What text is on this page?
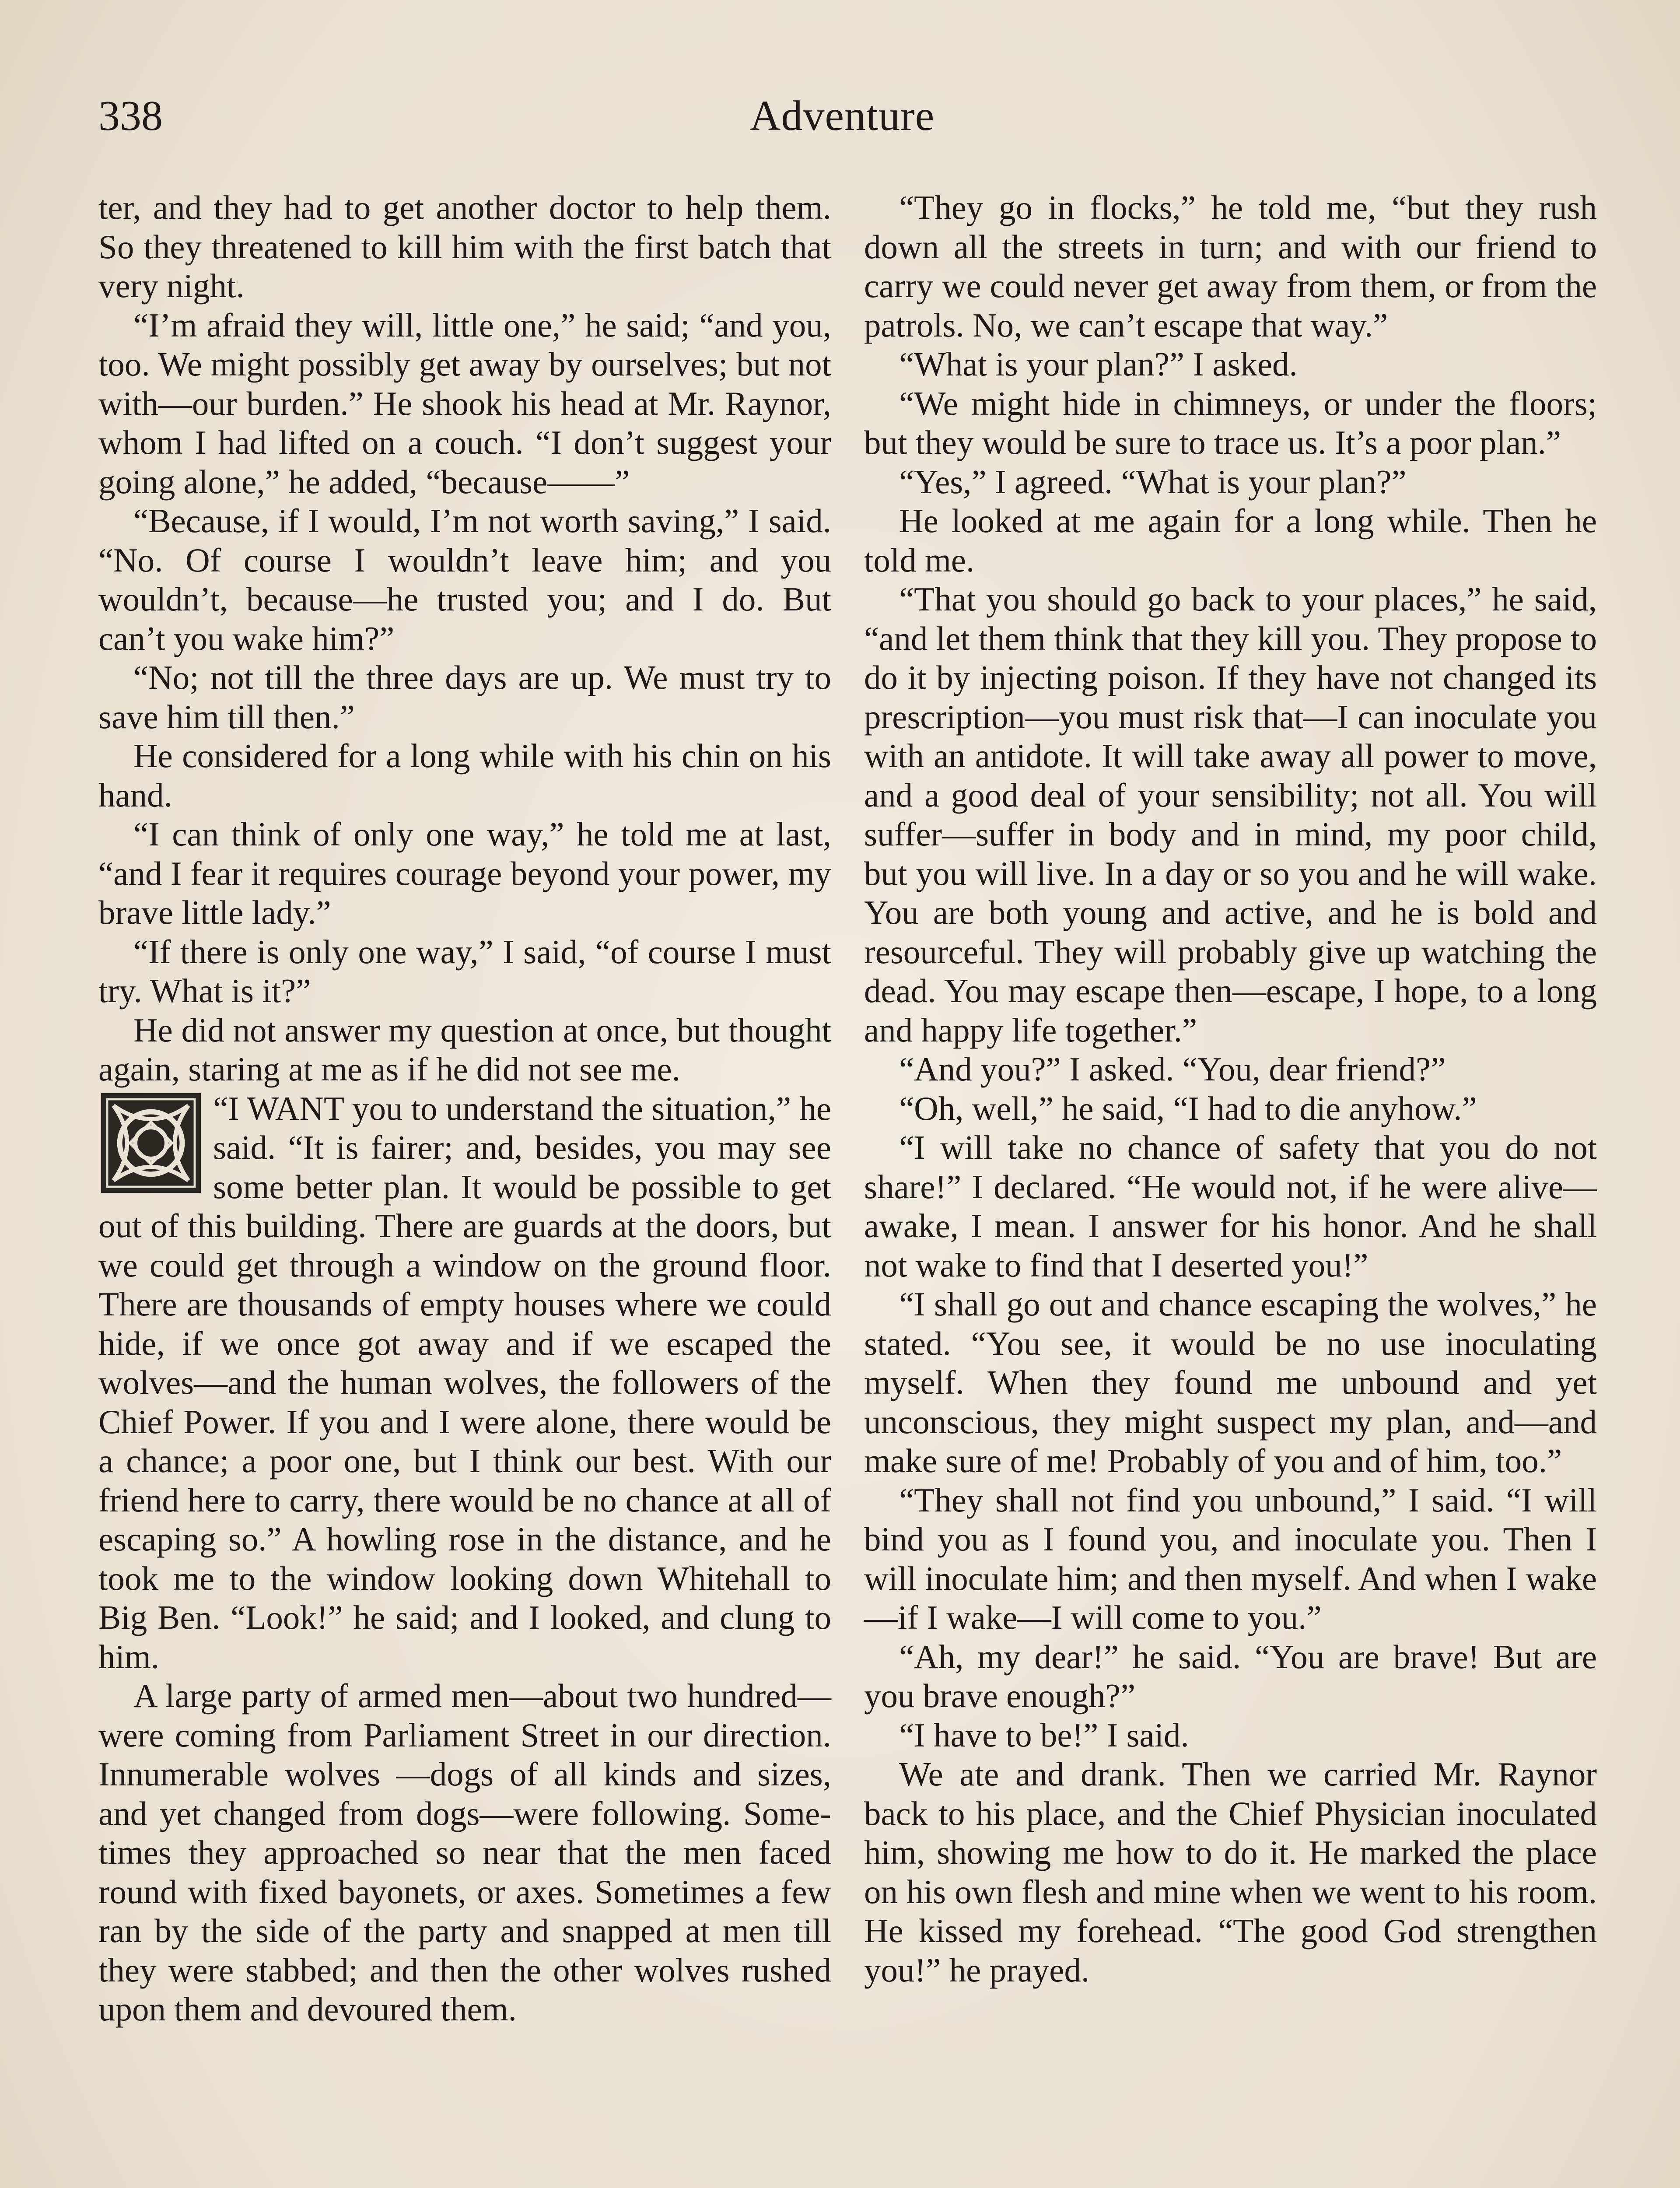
338	Adventure

ter, and they had to get another doctor to help them. So they threatened to kill him with the first batch that very night.

“I’m afraid they will, little one,” he said; “and you, too. We might possibly get away by ourselves; but not with—our burden.” He shook his head at Mr. Raynor, whom I had lifted on a couch. “I don’t suggest your going alone,” he added, “because——”

“Because, if I would, I’m not worth saving,” I said. “No. Of course I wouldn’t leave him; and you wouldn’t, because—he trusted you; and I do. But can’t you wake him?”

“No; not till the three days are up. We must try to save him till then.”

He considered for a long while with his chin on his hand.

“I can think of only one way,” he told me at last, “and I fear it requires courage beyond your power, my brave little lady.”

“If there is only one way,” I said, “of course I must try. What is it?”

He did not answer my question at once, but thought again, staring at me as if he did not see me.

“I WANT you to understand the situation,” he said. “It is fairer; and, besides, you may see some better plan. It would be possible to get out of this building. There are guards at the doors, but we could get through a window on the ground floor. There are thousands of empty houses where we could hide, if we once got away and if we escaped the wolves—and the human wolves, the followers of the Chief Power. If you and I were alone, there would be a chance; a poor one, but I think our best. With our friend here to carry, there would be no chance at all of escaping so.” A howling rose in the distance, and he took me to the window looking down Whitehall to Big Ben. “Look!” he said; and I looked, and clung to him.

A large party of armed men—about two hundred—were coming from Parliament Street in our direction. Innumerable wolves —dogs of all kinds and sizes, and yet changed from dogs—were following. Sometimes they approached so near that the men faced round with fixed bayonets, or axes. Sometimes a few ran by the side of the party and snapped at men till they were stabbed; and then the other wolves rushed upon them and devoured them.

“They go in flocks,” he told me, “but they rush down all the streets in turn; and with our friend to carry we could never get away from them, or from the patrols. No, we can’t escape that way.”

“What is your plan?” I asked.

“We might hide in chimneys, or under the floors; but they would be sure to trace us. It’s a poor plan.”

“Yes,” I agreed. “What is your plan?”

He looked at me again for a long while. Then he told me.

“That you should go back to your places,” he said, “and let them think that they kill you. They propose to do it by injecting poison. If they have not changed its prescription—you must risk that—I can inoculate you with an antidote. It will take away all power to move, and a good deal of your sensibility; not all. You will suffer—suffer in body and in mind, my poor child, but you will live. In a day or so you and he will wake. You are both young and active, and he is bold and resourceful. They will probably give up watching the dead. You may escape then—escape, I hope, to a long and happy life together.”

“And you?” I asked. “You, dear friend?”

“Oh, well,” he said, “I had to die anyhow.”

“I will take no chance of safety that you do not share!” I declared. “He would not, if he were alive—awake, I mean. I answer for his honor. And he shall not wake to find that I deserted you!”

“I shall go out and chance escaping the wolves,” he stated. “You see, it would be no use inoculating myself. When they found me unbound and yet unconscious, they might suspect my plan, and—and make sure of me! Probably of you and of him, too.”

“They shall not find you unbound,” I said. “I will bind you as I found you, and inoculate you. Then I will inoculate him; and then myself. And when I wake—if I wake—I will come to you.”

“Ah, my dear!” he said. “You are brave! But are you brave enough?”

“I have to be!” I said.

We ate and drank. Then we carried Mr. Raynor back to his place, and the Chief Physician inoculated him, showing me how to do it. He marked the place on his own flesh and mine when we went to his room. He kissed my forehead. “The good God strengthen you!” he prayed.
